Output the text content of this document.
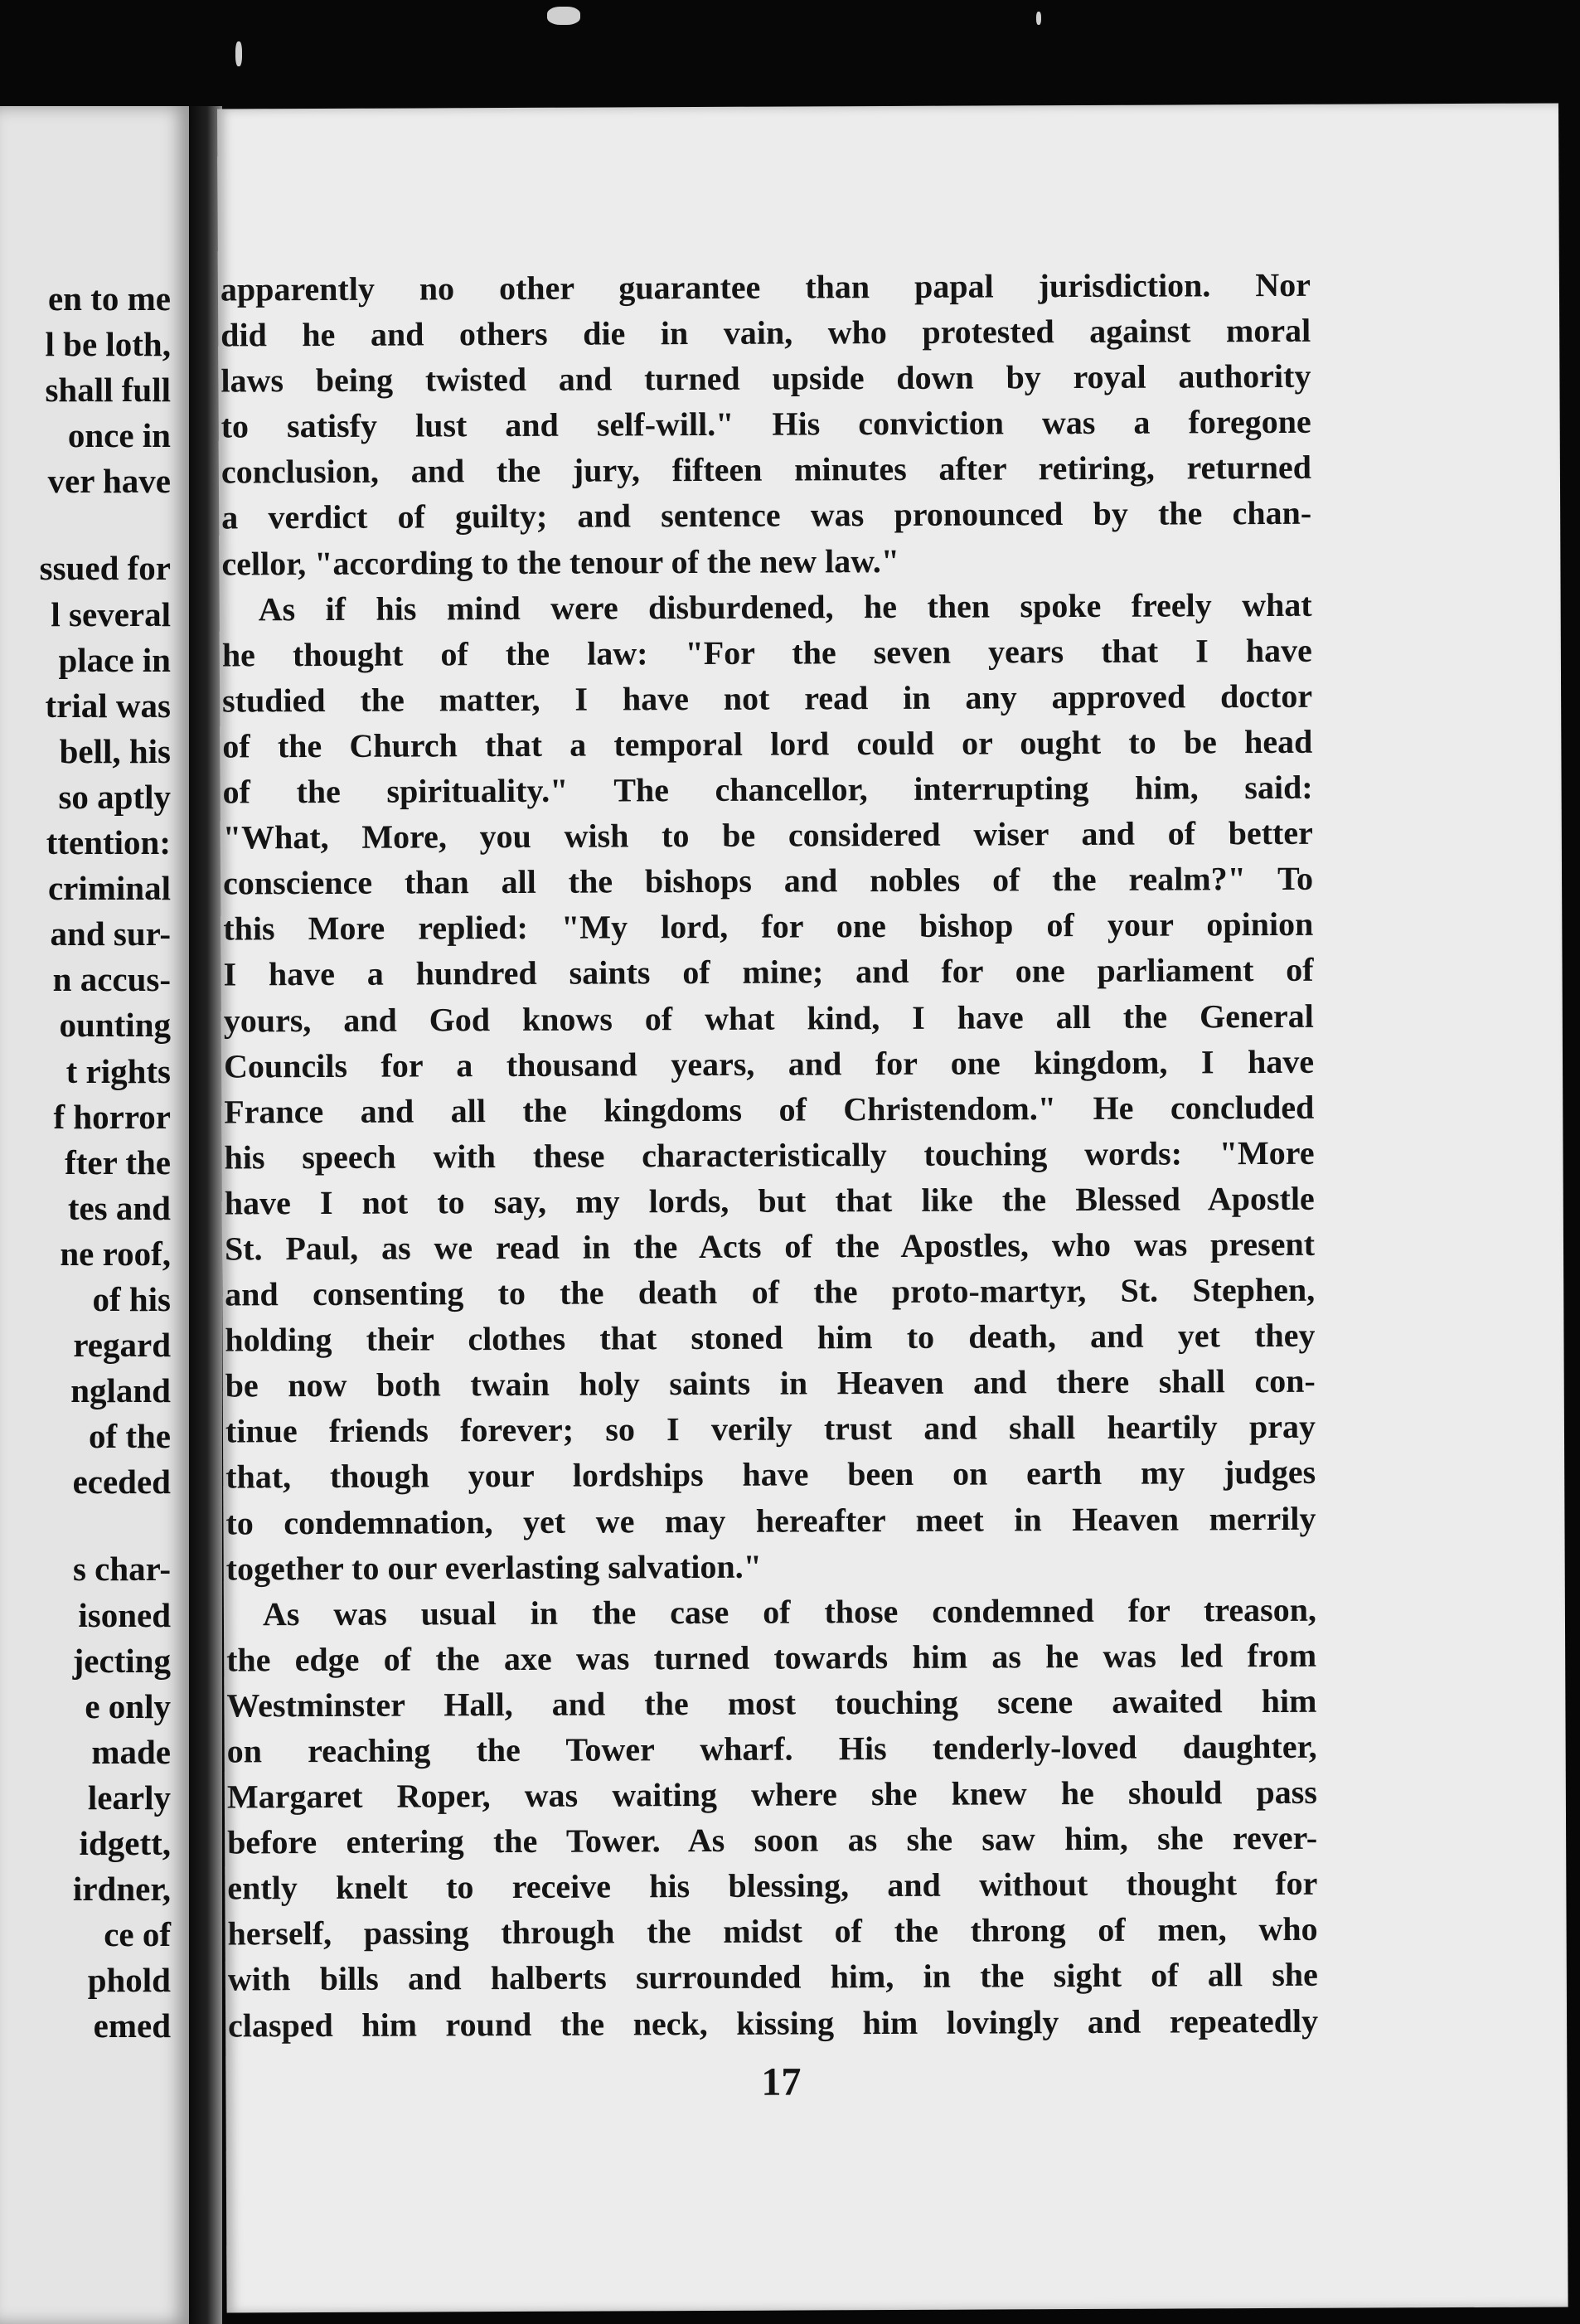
en to me
l be loth,
shall full
once in
ver have
ssued for
l several
place in
trial was
bell, his
so aptly
ttention:
criminal
and sur-
n accus-
ounting
t rights
f horror
fter the
tes and
ne roof,
of his
regard
ngland
of the
eceded
s char-
isoned
jecting
e only
made
learly
idgett,
irdner,
ce of
phold
emed
apparently no other guarantee than papal jurisdiction. Nor
did he and others die in vain, who protested against moral
laws being twisted and turned upside down by royal authority
to satisfy lust and self-will." His conviction was a foregone
conclusion, and the jury, fifteen minutes after retiring, returned
a verdict of guilty; and sentence was pronounced by the chan-
cellor, "according to the tenour of the new law."
As if his mind were disburdened, he then spoke freely what
he thought of the law: "For the seven years that I have
studied the matter, I have not read in any approved doctor
of the Church that a temporal lord could or ought to be head
of the spirituality." The chancellor, interrupting him, said:
"What, More, you wish to be considered wiser and of better
conscience than all the bishops and nobles of the realm?" To
this More replied: "My lord, for one bishop of your opinion
I have a hundred saints of mine; and for one parliament of
yours, and God knows of what kind, I have all the General
Councils for a thousand years, and for one kingdom, I have
France and all the kingdoms of Christendom." He concluded
his speech with these characteristically touching words: "More
have I not to say, my lords, but that like the Blessed Apostle
St. Paul, as we read in the Acts of the Apostles, who was present
and consenting to the death of the proto-martyr, St. Stephen,
holding their clothes that stoned him to death, and yet they
be now both twain holy saints in Heaven and there shall con-
tinue friends forever; so I verily trust and shall heartily pray
that, though your lordships have been on earth my judges
to condemnation, yet we may hereafter meet in Heaven merrily
together to our everlasting salvation."
As was usual in the case of those condemned for treason,
the edge of the axe was turned towards him as he was led from
Westminster Hall, and the most touching scene awaited him
on reaching the Tower wharf. His tenderly-loved daughter,
Margaret Roper, was waiting where she knew he should pass
before entering the Tower. As soon as she saw him, she rever-
ently knelt to receive his blessing, and without thought for
herself, passing through the midst of the throng of men, who
with bills and halberts surrounded him, in the sight of all she
clasped him round the neck, kissing him lovingly and repeatedly
17
